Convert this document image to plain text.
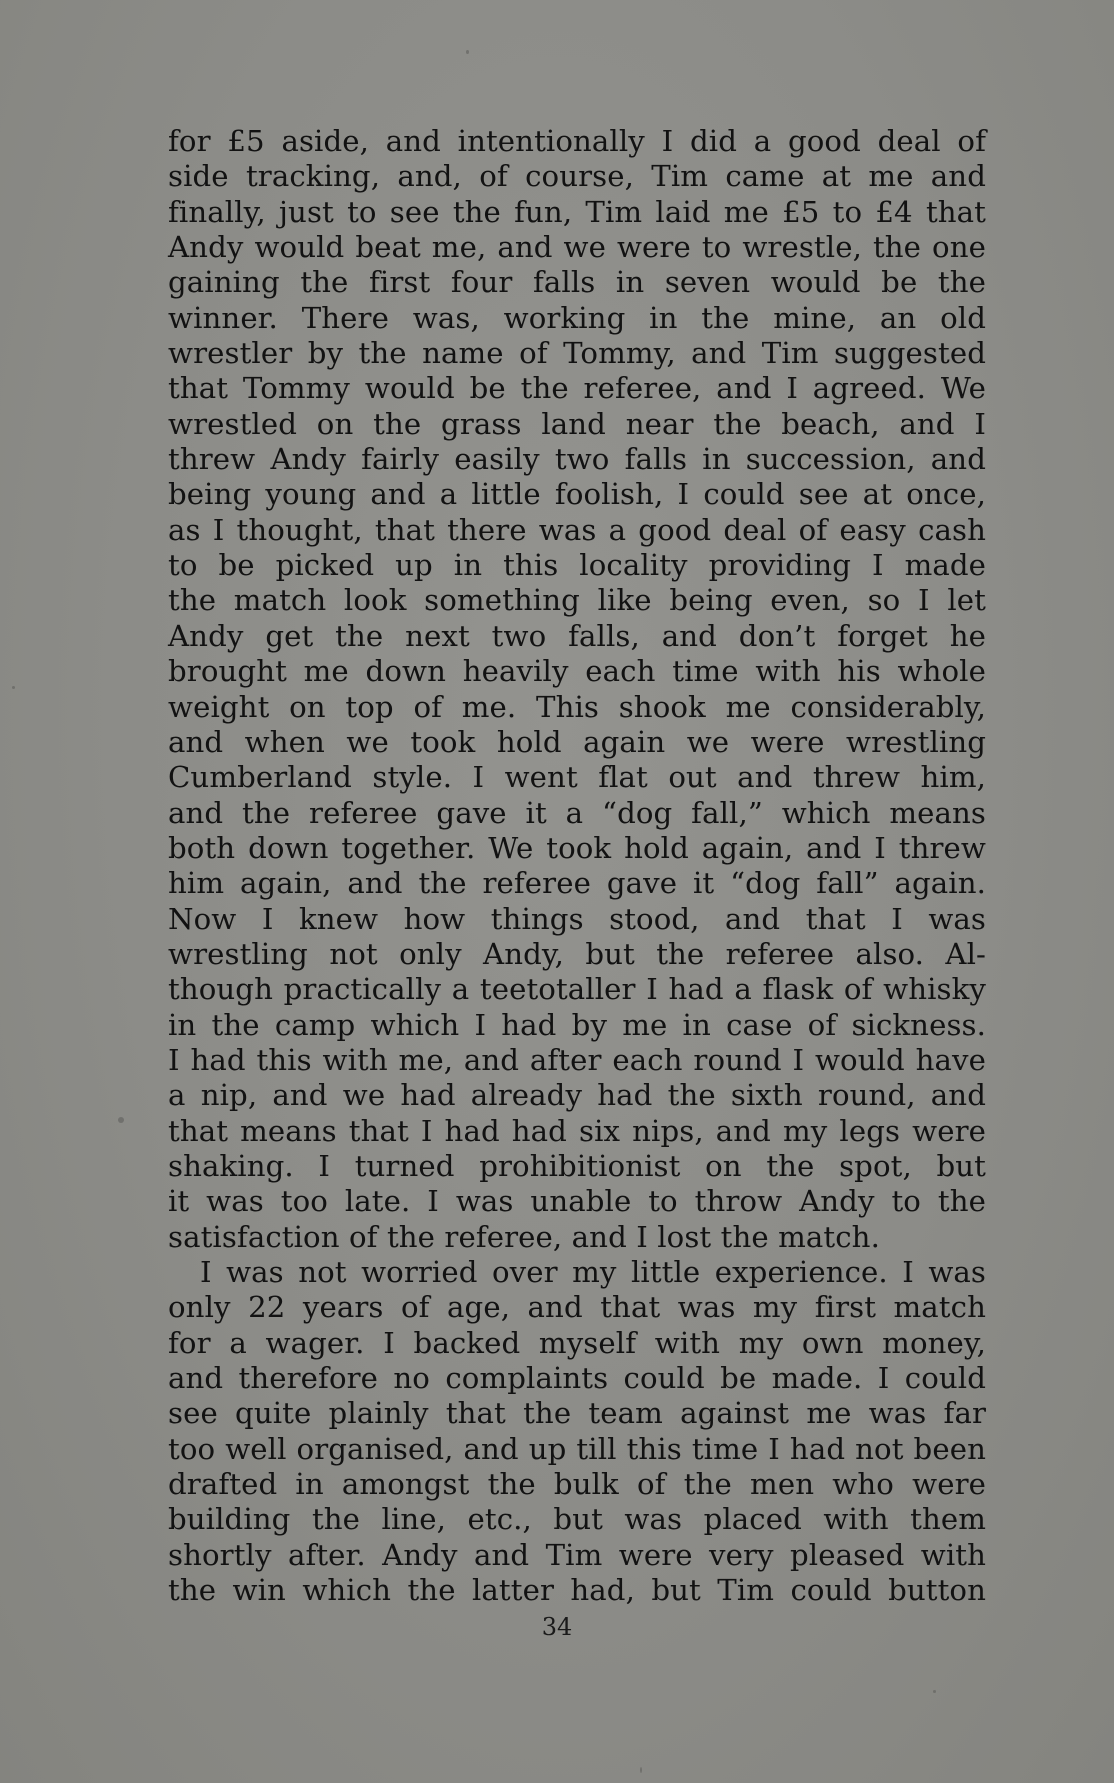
for £5 aside, and intentionally I did a good deal of
side tracking, and, of course, Tim came at me and
finally, just to see the fun, Tim laid me £5 to £4 that
Andy would beat me, and we were to wrestle, the one
gaining the first four falls in seven would be the
winner. There was, working in the mine, an old
wrestler by the name of Tommy, and Tim suggested
that Tommy would be the referee, and I agreed. We
wrestled on the grass land near the beach, and I
threw Andy fairly easily two falls in succession, and
being young and a little foolish, I could see at once,
as I thought, that there was a good deal of easy cash
to be picked up in this locality providing I made
the match look something like being even, so I let
Andy get the next two falls, and don’t forget he
brought me down heavily each time with his whole
weight on top of me. This shook me considerably,
and when we took hold again we were wrestling
Cumberland style. I went flat out and threw him,
and the referee gave it a “dog fall,” which means
both down together. We took hold again, and I threw
him again, and the referee gave it “dog fall” again.
Now I knew how things stood, and that I was
wrestling not only Andy, but the referee also. Al-
though practically a teetotaller I had a flask of whisky
in the camp which I had by me in case of sickness.
I had this with me, and after each round I would have
a nip, and we had already had the sixth round, and
that means that I had had six nips, and my legs were
shaking. I turned prohibitionist on the spot, but
it was too late. I was unable to throw Andy to the
satisfaction of the referee, and I lost the match.
I was not worried over my little experience. I was
only 22 years of age, and that was my first match
for a wager. I backed myself with my own money,
and therefore no complaints could be made. I could
see quite plainly that the team against me was far
too well organised, and up till this time I had not been
drafted in amongst the bulk of the men who were
building the line, etc., but was placed with them
shortly after. Andy and Tim were very pleased with
the win which the latter had, but Tim could button
34
